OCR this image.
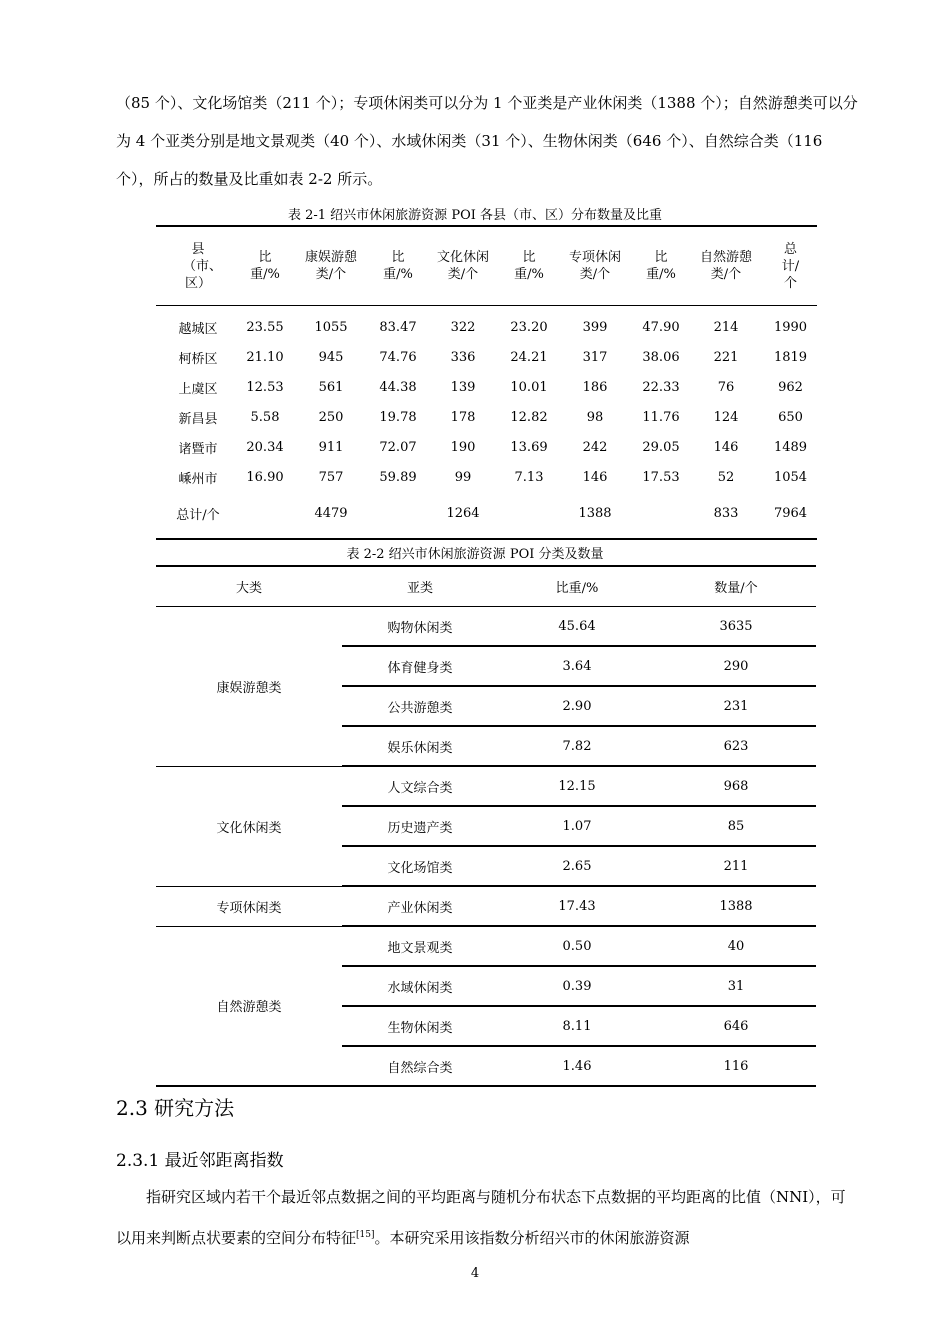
（85 个）、文化场馆类（211 个）；专项休闲类可以分为 1 个亚类是产业休闲类（1388 个）；自然游憩类可以分为 4 个亚类分别是地文景观类（40 个）、水域休闲类（31 个）、生物休闲类（646 个）、自然综合类（116 个），所占的数量及比重如表 2-2 所示。

表 2-1 绍兴市休闲旅游资源 POI 各县（市、区）分布数量及比重

县（市、区）	比重/%	康娱游憩类/个	比重/%	文化休闲类/个	比重/%	专项休闲类/个	比重/%	自然游憩类/个	总计/个
越城区	23.55	1055	83.47	322	23.20	399	47.90	214	1990
柯桥区	21.10	945	74.76	336	24.21	317	38.06	221	1819
上虞区	12.53	561	44.38	139	10.01	186	22.33	76	962
新昌县	5.58	250	19.78	178	12.82	98	11.76	124	650
诸暨市	20.34	911	72.07	190	13.69	242	29.05	146	1489
嵊州市	16.90	757	59.89	99	7.13	146	17.53	52	1054
总计/个		4479		1264		1388		833	7964

表 2-2 绍兴市休闲旅游资源 POI 分类及数量

大类	亚类	比重/%	数量/个
康娱游憩类	购物休闲类	45.64	3635
	体育健身类	3.64	290
	公共游憩类	2.90	231
	娱乐休闲类	7.82	623
文化休闲类	人文综合类	12.15	968
	历史遗产类	1.07	85
	文化场馆类	2.65	211
专项休闲类	产业休闲类	17.43	1388
自然游憩类	地文景观类	0.50	40
	水域休闲类	0.39	31
	生物休闲类	8.11	646
	自然综合类	1.46	116
2.3 研究方法
2.3.1 最近邻距离指数

指研究区域内若干个最近邻点数据之间的平均距离与随机分布状态下点数据的平均距离的比值（NNI），可以用来判断点状要素的空间分布特征[15]。本研究采用该指数分析绍兴市的休闲旅游资源

4
